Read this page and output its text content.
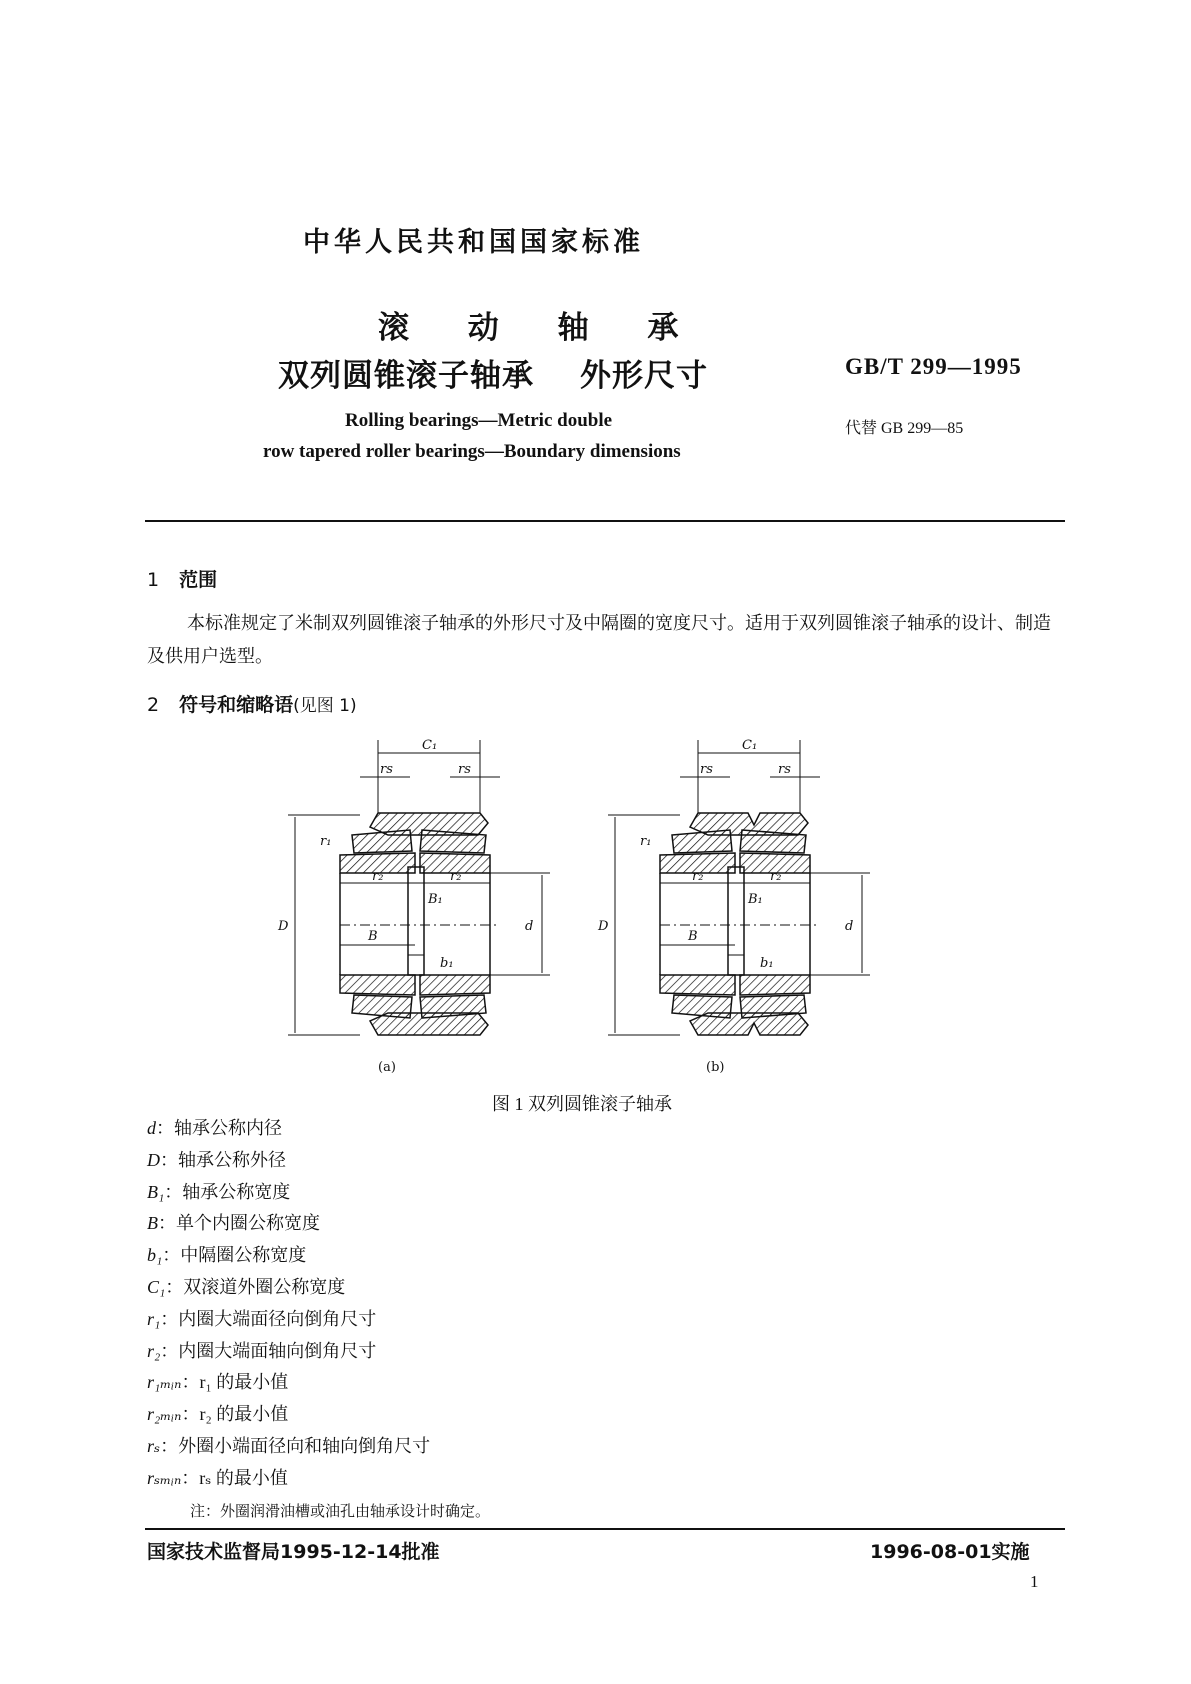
中华人民共和国国家标准
滚 动 轴 承
双列圆锥滚子轴承 外形尺寸	GB/T 299—1995
Rolling bearings—Metric double
row tapered roller bearings—Boundary dimensions
代替 GB 299—85
1 范围
本标准规定了米制双列圆锥滚子轴承的外形尺寸及中隔圈的宽度尺寸。适用于双列圆锥滚子轴承的设计、制造及供用户选型。
2 符号和缩略语(见图 1)
C₁
rs	rs
r₂	r₂
B₁
B
b₁
D	d
r₁
(a)
C₁
rs	rs
r₂	r₂
B₁
B
b₁
D	d
r₁
(b)
图 1 双列圆锥滚子轴承
d：轴承公称内径
D：轴承公称外径
B₁：轴承公称宽度
B：单个内圈公称宽度
b₁：中隔圈公称宽度
C₁：双滚道外圈公称宽度
r₁：内圈大端面径向倒角尺寸
r₂：内圈大端面轴向倒角尺寸
r₁ₘᵢₙ：r₁ 的最小值
r₂ₘᵢₙ：r₂ 的最小值
rₛ：外圈小端面径向和轴向倒角尺寸
rₛₘᵢₙ：rₛ 的最小值
注：外圈润滑油槽或油孔由轴承设计时确定。
国家技术监督局1995-12-14批准	1996-08-01实施
1
